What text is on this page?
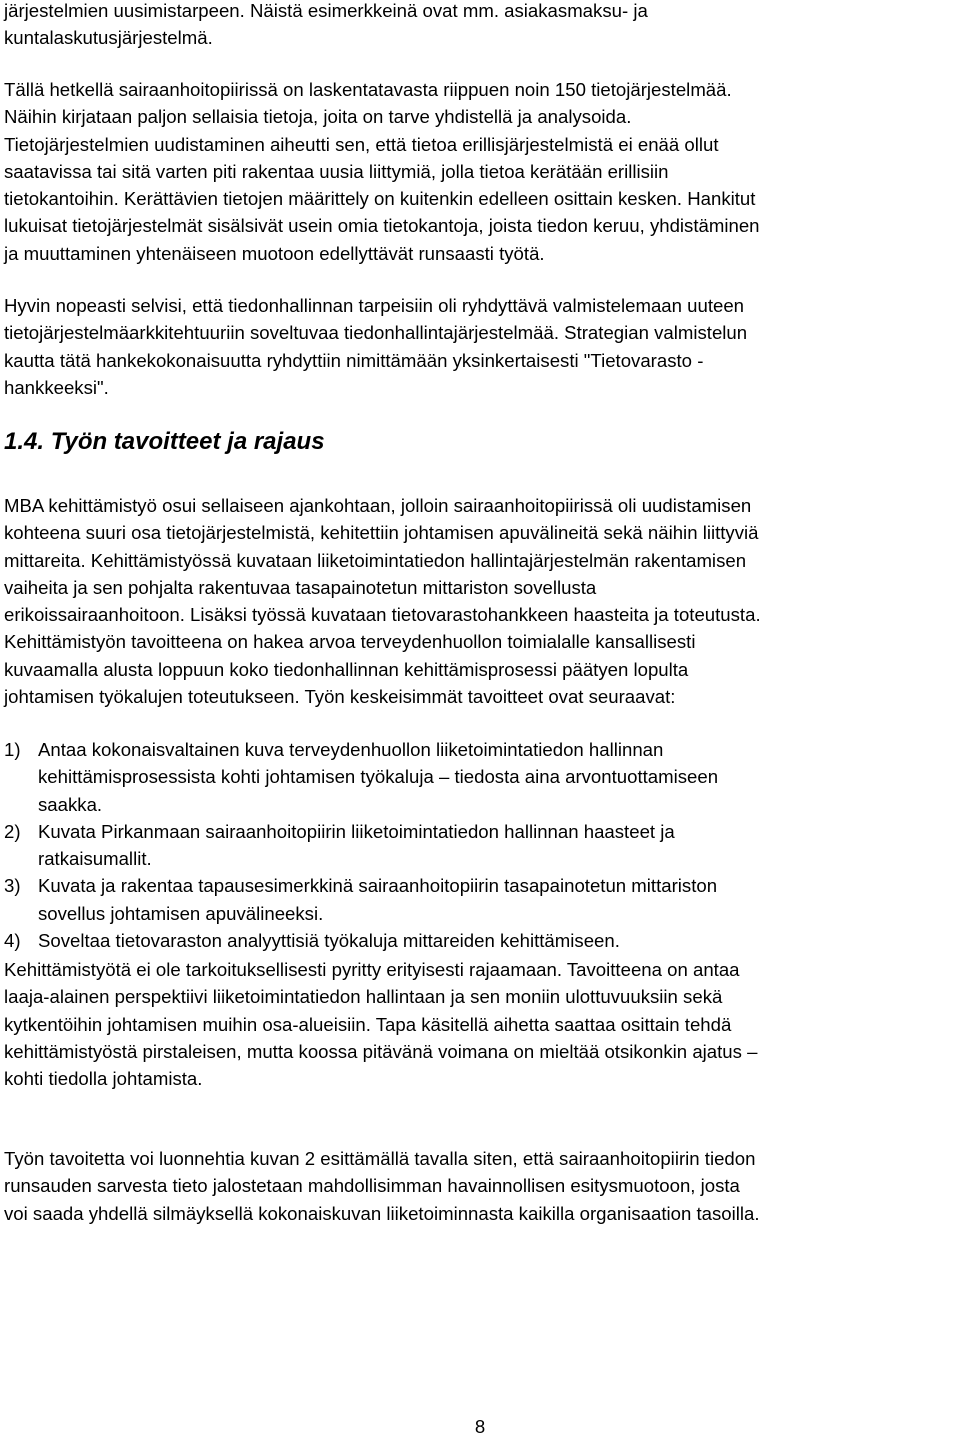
järjestelmien uusimistarpeen. Näistä esimerkkeinä ovat mm. asiakasmaksu- ja
kuntalaskutusjärjestelmä.
Tällä hetkellä sairaanhoitopiirissä on laskentatavasta riippuen noin 150 tietojärjestelmää.
Näihin kirjataan paljon sellaisia tietoja, joita on tarve yhdistellä ja analysoida.
Tietojärjestelmien uudistaminen aiheutti sen, että tietoa erillisjärjestelmistä ei enää ollut
saatavissa tai sitä varten piti rakentaa uusia liittymiä, jolla tietoa kerätään erillisiin
tietokantoihin. Kerättävien tietojen määrittely on kuitenkin edelleen osittain kesken. Hankitut
lukuisat tietojärjestelmät sisälsivät usein omia tietokantoja, joista tiedon keruu, yhdistäminen
ja muuttaminen yhtenäiseen muotoon edellyttävät runsaasti työtä.
Hyvin nopeasti selvisi, että tiedonhallinnan tarpeisiin oli ryhdyttävä valmistelemaan uuteen
tietojärjestelmäarkkitehtuuriin soveltuvaa tiedonhallintajärjestelmää. Strategian valmistelun
kautta tätä hankekokonaisuutta ryhdyttiin nimittämään yksinkertaisesti "Tietovarasto -
hankkeeksi".
1.4. Työn tavoitteet ja rajaus
MBA kehittämistyö osui sellaiseen ajankohtaan, jolloin sairaanhoitopiirissä oli uudistamisen
kohteena suuri osa tietojärjestelmistä, kehitettiin johtamisen apuvälineitä sekä näihin liittyviä
mittareita. Kehittämistyössä kuvataan liiketoimintatiedon hallintajärjestelmän rakentamisen
vaiheita ja sen pohjalta rakentuvaa tasapainotetun mittariston sovellusta
erikoissairaanhoitoon. Lisäksi työssä kuvataan tietovarastohankkeen haasteita ja toteutusta.
Kehittämistyön tavoitteena on hakea arvoa terveydenhuollon toimialalle kansallisesti
kuvaamalla alusta loppuun koko tiedonhallinnan kehittämisprosessi päätyen lopulta
johtamisen työkalujen toteutukseen. Työn keskeisimmät tavoitteet ovat seuraavat:
1) Antaa kokonaisvaltainen kuva terveydenhuollon liiketoimintatiedon hallinnan
kehittämisprosessista kohti johtamisen työkaluja – tiedosta aina arvontuottamiseen
saakka.
2) Kuvata Pirkanmaan sairaanhoitopiirin liiketoimintatiedon hallinnan haasteet ja
ratkaisumallit.
3) Kuvata ja rakentaa tapausesimerkkinä sairaanhoitopiirin tasapainotetun mittariston
sovellus johtamisen apuvälineeksi.
4) Soveltaa tietovaraston analyyttisiä työkaluja mittareiden kehittämiseen.
Kehittämistyötä ei ole tarkoituksellisesti pyritty erityisesti rajaamaan. Tavoitteena on antaa
laaja-alainen perspektiivi liiketoimintatiedon hallintaan ja sen moniin ulottuvuuksiin sekä
kytkentöihin johtamisen muihin osa-alueisiin. Tapa käsitellä aihetta saattaa osittain tehdä
kehittämistyöstä pirstaleisen, mutta koossa pitävänä voimana on mieltää otsikonkin ajatus –
kohti tiedolla johtamista.
Työn tavoitetta voi luonnehtia kuvan 2 esittämällä tavalla siten, että sairaanhoitopiirin tiedon
runsauden sarvesta tieto jalostetaan mahdollisimman havainnollisen esitysmuotoon, josta
voi saada yhdellä silmäyksellä kokonaiskuvan liiketoiminnasta kaikilla organisaation tasoilla.
8
